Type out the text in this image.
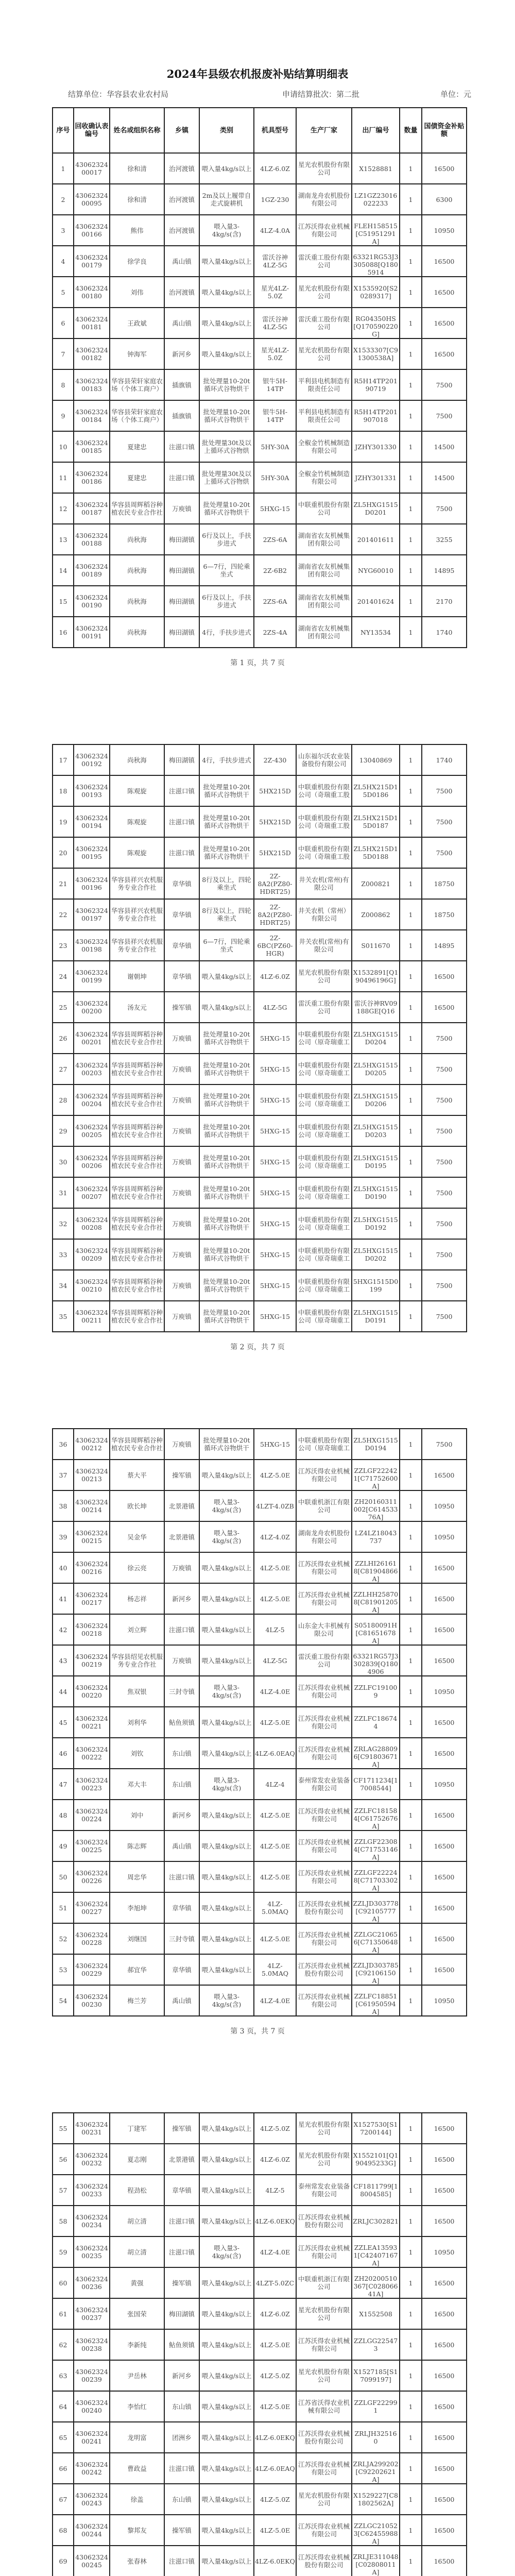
2024年县级农机报废补贴结算明细表
结算单位：华容县农业农村局	申请结算批次：第二批	单位：元
序号	回收确认表编号	姓名或组织名称	乡镇	类别	机具型号	生产厂家	出厂编号	数量	国债资金补贴额

1	4306232400017	徐和清	治河渡镇	喂入量4kg/s以上	4LZ-6.0Z	星光农机股份有限公司	X1528881	1	16500

2	4306232400095	徐和清	治河渡镇	2m及以上履带自走式旋耕机	1GZ-230	湖南龙舟农机股份有限公司	LZ1GZ23016022233	1	6300

3	4306232400166	熊伟	治河渡镇	喂入量3-4kg/s(含)	4LZ-4.0A	江苏沃得农业机械有限公司	FLEH158515[C51951291A]	1	10950

4	4306232400179	徐学良	禹山镇	喂入量4kg/s以上	雷沃谷神4LZ-5G	雷沃重工股份有限公司	63321RG53J3305088[Q1805914	1	16500

5	4306232400180	刘伟	治河渡镇	喂入量4kg/s以上	星光4LZ-5.0Z	星光农机股份有限公司	X1535920[S20289317]	1	16500

6	4306232400181	王政斌	禹山镇	喂入量4kg/s以上	雷沃谷神4LZ-5G	雷沃重工股份有限公司	RG04350HS[Q170590220G]	1	16500

7	4306232400182	钟海军	新河乡	喂入量4kg/s以上	星光4LZ-5.0Z	星光农机股份有限公司	X1533307[C91300538A]	1	16500

8	4306232400183	华容县荣轩家庭农场（个体工商户）	插旗镇	批处理量10-20t循环式谷物烘干	银牛5H-14TP	平利县电机制造有限责任公司	R5H14TP20190719	1	7500

9	4306232400184	华容县荣轩家庭农场（个体工商户）	插旗镇	批处理量10-20t循环式谷物烘干	银牛5H-14TP	平利县电机制造有限责任公司	R5H14TP201907018	1	7500

10	4306232400185	夏建忠	注滋口镇	批处理量30t及以上循环式谷物烘	5HY-30A	全椒金竹机械制造有限公司	JZHY301330	1	14500

11	4306232400186	夏建忠	注滋口镇	批处理量30t及以上循环式谷物烘	5HY-30A	全椒金竹机械制造有限公司	JZHY301331	1	14500

12	4306232400187	华容县周辉稻谷种植农民专业合作社	万庾镇	批处理量10-20t循环式谷物烘干	5HXG-15	中联重机股份有限公司	ZL5HXG1515D0201	1	7500

13	4306232400188	尚秋海	梅田湖镇	6行及以上，手扶步进式	2ZS-6A	湖南省农友机械集团有限公司	201401611	1	3255

14	4306232400189	尚秋海	梅田湖镇	6—7行，四轮乘坐式	2Z-6B2	湖南省农友机械集团有限公司	NYG60010	1	14895

15	4306232400190	尚秋海	梅田湖镇	6行及以上，手扶步进式	2ZS-6A	湖南省农友机械集团有限公司	201401624	1	2170

16	4306232400191	尚秋海	梅田湖镇	4行，手扶步进式	2ZS-4A	湖南省农友机械集团有限公司	NY13534	1	1740
第 1 页，共 7 页
17	4306232400192	尚秋海	梅田湖镇	4行，手扶步进式	2Z-430	山东福尔沃农业装备股份有限公司	13040869	1	1740

18	4306232400193	陈观旋	注滋口镇	批处理量10-20t循环式谷物烘干	5HX215D	中联重机股份有限公司（奇瑞重工股	ZL5HX215D15D0186	1	7500

19	4306232400194	陈观旋	注滋口镇	批处理量10-20t循环式谷物烘干	5HX215D	中联重机股份有限公司（奇瑞重工股	ZL5HX215D15D0187	1	7500

20	4306232400195	陈观旋	注滋口镇	批处理量10-20t循环式谷物烘干	5HX215D	中联重机股份有限公司（奇瑞重工股	ZL5HX215D15D0188	1	7500

21	4306232400196	华容县祥兴农机服务专业合作社	章华镇	8行及以上，四轮乘坐式	2Z-8A2(PZ80-HDRT25)	井关农机(常州)有限公司	Z000821	1	18750

22	4306232400197	华容县祥兴农机服务专业合作社	章华镇	8行及以上，四轮乘坐式	2Z-8A2(PZ80-HDRT25)	井关农机（常州）有限公司	Z000862	1	18750

23	4306232400198	华容县祥兴农机服务专业合作社	章华镇	6—7行，四轮乘坐式	2Z-6BC(PZ60-HGR)	井关农机(常州)有限公司	S011670	1	14895

24	4306232400199	谢朝坤	章华镇	喂入量4kg/s以上	4LZ-6.0Z	星光农机股份有限公司	X1532891[Q190496196G]	1	16500

25	4306232400200	汤友元	操军镇	喂入量4kg/s以上	4LZ-5G	雷沃重工股份有限公司	雷沃谷神RV09188GE[Q16	1	16500

26	4306232400201	华容县周辉稻谷种植农民专业合作社	万庾镇	批处理量10-20t循环式谷物烘干	5HXG-15	中联重机股份有限公司（原奇瑞重工	ZL5HXG1515D0204	1	7500

27	4306232400203	华容县周辉稻谷种植农民专业合作社	万庾镇	批处理量10-20t循环式谷物烘干	5HXG-15	中联重机股份有限公司（原奇瑞重工	ZL5HXG1515D0205	1	7500

28	4306232400204	华容县周辉稻谷种植农民专业合作社	万庾镇	批处理量10-20t循环式谷物烘干	5HXG-15	中联重机股份有限公司（原奇瑞重工	ZL5HXG1515D0206	1	7500

29	4306232400205	华容县周辉稻谷种植农民专业合作社	万庾镇	批处理量10-20t循环式谷物烘干	5HXG-15	中联重机股份有限公司（原奇瑞重工	ZL5HXG1515D0203	1	7500

30	4306232400206	华容县周辉稻谷种植农民专业合作社	万庾镇	批处理量10-20t循环式谷物烘干	5HXG-15	中联重机股份有限公司（原奇瑞重工	ZL5HXG1515D0195	1	7500

31	4306232400207	华容县周辉稻谷种植农民专业合作社	万庾镇	批处理量10-20t循环式谷物烘干	5HXG-15	中联重机股份有限公司（原奇瑞重工	ZL5HXG1515D0190	1	7500

32	4306232400208	华容县周辉稻谷种植农民专业合作社	万庾镇	批处理量10-20t循环式谷物烘干	5HXG-15	中联重机股份有限公司（原奇瑞重工	ZL5HXG1515D0192	1	7500

33	4306232400209	华容县周辉稻谷种植农民专业合作社	万庾镇	批处理量10-20t循环式谷物烘干	5HXG-15	中联重机股份有限公司（原奇瑞重工	ZL5HXG1515D0202	1	7500

34	4306232400210	华容县周辉稻谷种植农民专业合作社	万庾镇	批处理量10-20t循环式谷物烘干	5HXG-15	中联重机股份有限公司（原奇瑞重工	5HXG1515D0199	1	7500

35	4306232400211	华容县周辉稻谷种植农民专业合作社	万庾镇	批处理量10-20t循环式谷物烘干	5HXG-15	中联重机股份有限公司（原奇瑞重工	ZL5HXG1515D0191	1	7500
第 2 页，共 7 页
36	4306232400212	华容县周辉稻谷种植农民专业合作社	万庾镇	批处理量10-20t循环式谷物烘干	5HXG-15	中联重机股份有限公司（原奇瑞重工	ZL5HXG1515D0194	1	7500

37	4306232400213	蔡大平	操军镇	喂入量4kg/s以上	4LZ-5.0E	江苏沃得农业机械有限公司	ZZLGF222421[C71752600A]	1	16500

38	4306232400214	欧长坤	北景港镇	喂入量3-4kg/s(含)	4LZT-4.0ZB	中联重机浙江有限公司	ZH20160311002[C61453376A]	1	10950

39	4306232400215	吴金华	北景港镇	喂入量3-4kg/s(含)	4LZ-4.0Z	湖南龙舟农机股份有限公司	LZ4LZ18043737	1	10950

40	4306232400216	徐云亮	万庾镇	喂入量4kg/s以上	4LZ-5.0E	江苏沃得农业机械有限公司	ZZLHI261618[C81904866A]	1	16500

41	4306232400217	杨志祥	新河乡	喂入量4kg/s以上	4LZ-5.0E	江苏沃得农业机械有限公司	ZZLHH258708[C81901205A]	1	16500

42	4306232400218	刘立辉	注滋口镇	喂入量4kg/s以上	4LZ-5	山东金大丰机械有限公司	S05180091H[C81651678A]	1	16500

43	4306232400219	华容县绍见农机服务专业合作社	万庾镇	喂入量4kg/s以上	4LZ-5G	雷沃重工股份有限公司	63321RG57J3302839[Q1804906	1	16500

44	4306232400220	焦双银	三封寺镇	喂入量3-4kg/s(含)	4LZ-4.0E	江苏沃得农业机械有限公司	ZZLFC191009	1	10950

45	4306232400221	刘利华	鲇鱼须镇	喂入量4kg/s以上	4LZ-5.0E	江苏沃得农业机械有限公司	ZZLFC186744	1	16500

46	4306232400222	刘钦	东山镇	喂入量4kg/s以上	4LZ-6.0EAQ	江苏沃得农业机械有限公司	ZRLAG288096[C91803671A]	1	16500

47	4306232400223	邓大丰	东山镇	喂入量3-4kg/s(含)	4LZ-4	泰州常发农业装备有限公司	CF1711234[17008544]	1	10950

48	4306232400224	刘中	新河乡	喂入量4kg/s以上	4LZ-5.0E	江苏沃得农业机械有限公司	ZZLFC181584[C61752676A]	1	16500

49	4306232400225	陈志辉	禹山镇	喂入量4kg/s以上	4LZ-5.0E	江苏沃得农业机械有限公司	ZZLGF223084[C71753146A]	1	16500

50	4306232400226	周忠华	注滋口镇	喂入量4kg/s以上	4LZ-5.0E	江苏沃得农业机械有限公司	ZZLGF222248[C71703302A]	1	16500

51	4306232400227	李旭坤	章华镇	喂入量4kg/s以上	4LZ-5.0MAQ	江苏沃得农业机械股份有限公司	ZZLJD303778[C92105777A]	1	16500

52	4306232400228	刘继国	三封寺镇	喂入量4kg/s以上	4LZ-5.0E	江苏沃得农业机械有限公司	ZZLGC210656[C71350648A]	1	16500

53	4306232400229	郝宜华	章华镇	喂入量4kg/s以上	4LZ-5.0MAQ	江苏沃得农业机械股份有限公司	ZZLJD303785[C92106150A]	1	16500

54	4306232400230	梅兰芳	禹山镇	喂入量3-4kg/s(含)	4LZ-4.0E	江苏沃得农业机械有限公司	ZZLFC18851[C61950594A]	1	10950
第 3 页，共 7 页
55	4306232400231	丁建军	操军镇	喂入量4kg/s以上	4LZ-5.0Z	星光农机股份有限公司	X1527530[S17200144]	1	16500

56	4306232400232	夏志刚	北景港镇	喂入量4kg/s以上	4LZ-6.0Z	星光农机股份有限公司	X1552101[Q190495233G]	1	16500

57	4306232400233	程劲松	章华镇	喂入量4kg/s以上	4LZ-5	泰州常发农业装备有限公司	CF1811799[18004585]	1	16500

58	4306232400234	胡立清	注滋口镇	喂入量4kg/s以上	4LZ-6.0EKQ	江苏沃得农业机械股份有限公司	ZRLJC302821	1	16500

59	4306232400235	胡立清	注滋口镇	喂入量3-4kg/s(含)	4LZ-4.0E	江苏沃得农业机械有限公司	ZZLEA135931[C42407167A]	1	10950

60	4306232400236	黄强	操军镇	喂入量4kg/s以上	4LZT-5.0ZC	中联重机浙江有限公司	ZH20200510367[C02806641A]	1	16500

61	4306232400237	张国荣	梅田湖镇	喂入量4kg/s以上	4LZ-6.0Z	星光农机股份有限公司	X1552508	1	16500

62	4306232400238	李新纯	鲇鱼须镇	喂入量4kg/s以上	4LZ-5.0E	江苏沃得农业机械有限公司	ZZLGG225473	1	16500

63	4306232400239	尹岳林	新河乡	喂入量4kg/s以上	4LZ-5.0Z	星光农机股份有限公司	X1527185[S17099197]	1	16500

64	4306232400240	李怡红	东山镇	喂入量4kg/s以上	4LZ-5.0E	江苏省沃得农业机械有限公司	ZZLGF222991	1	16500

65	4306232400241	龙明富	团洲乡	喂入量4kg/s以上	4LZ-6.0EKQ	江苏沃得农业机械股份有限公司	ZRLJH325160	1	16500

66	4306232400242	曹政益	注滋口镇	喂入量4kg/s以上	4LZ-6.0EAQ	江苏沃得农业机械有限公司	ZRLJA299202[C92202621A]	1	16500

67	4306232400243	徐盖	东山镇	喂入量4kg/s以上	4LZ-5.0Z	星光农机股份有限公司	X1529227[C81802562A]	1	16500

68	4306232400244	黎邦友	操军镇	喂入量4kg/s以上	4LZ-5.0E	江苏沃得农业机械有限公司	ZZLGC210523[C62455988A]	1	16500

69	4306232400245	张春林	注滋口镇	喂入量4kg/s以上	4LZ-6.0EKQ	江苏沃得农业机械股份有限公司	ZRLJE311048[C02808011A]	1	16500
